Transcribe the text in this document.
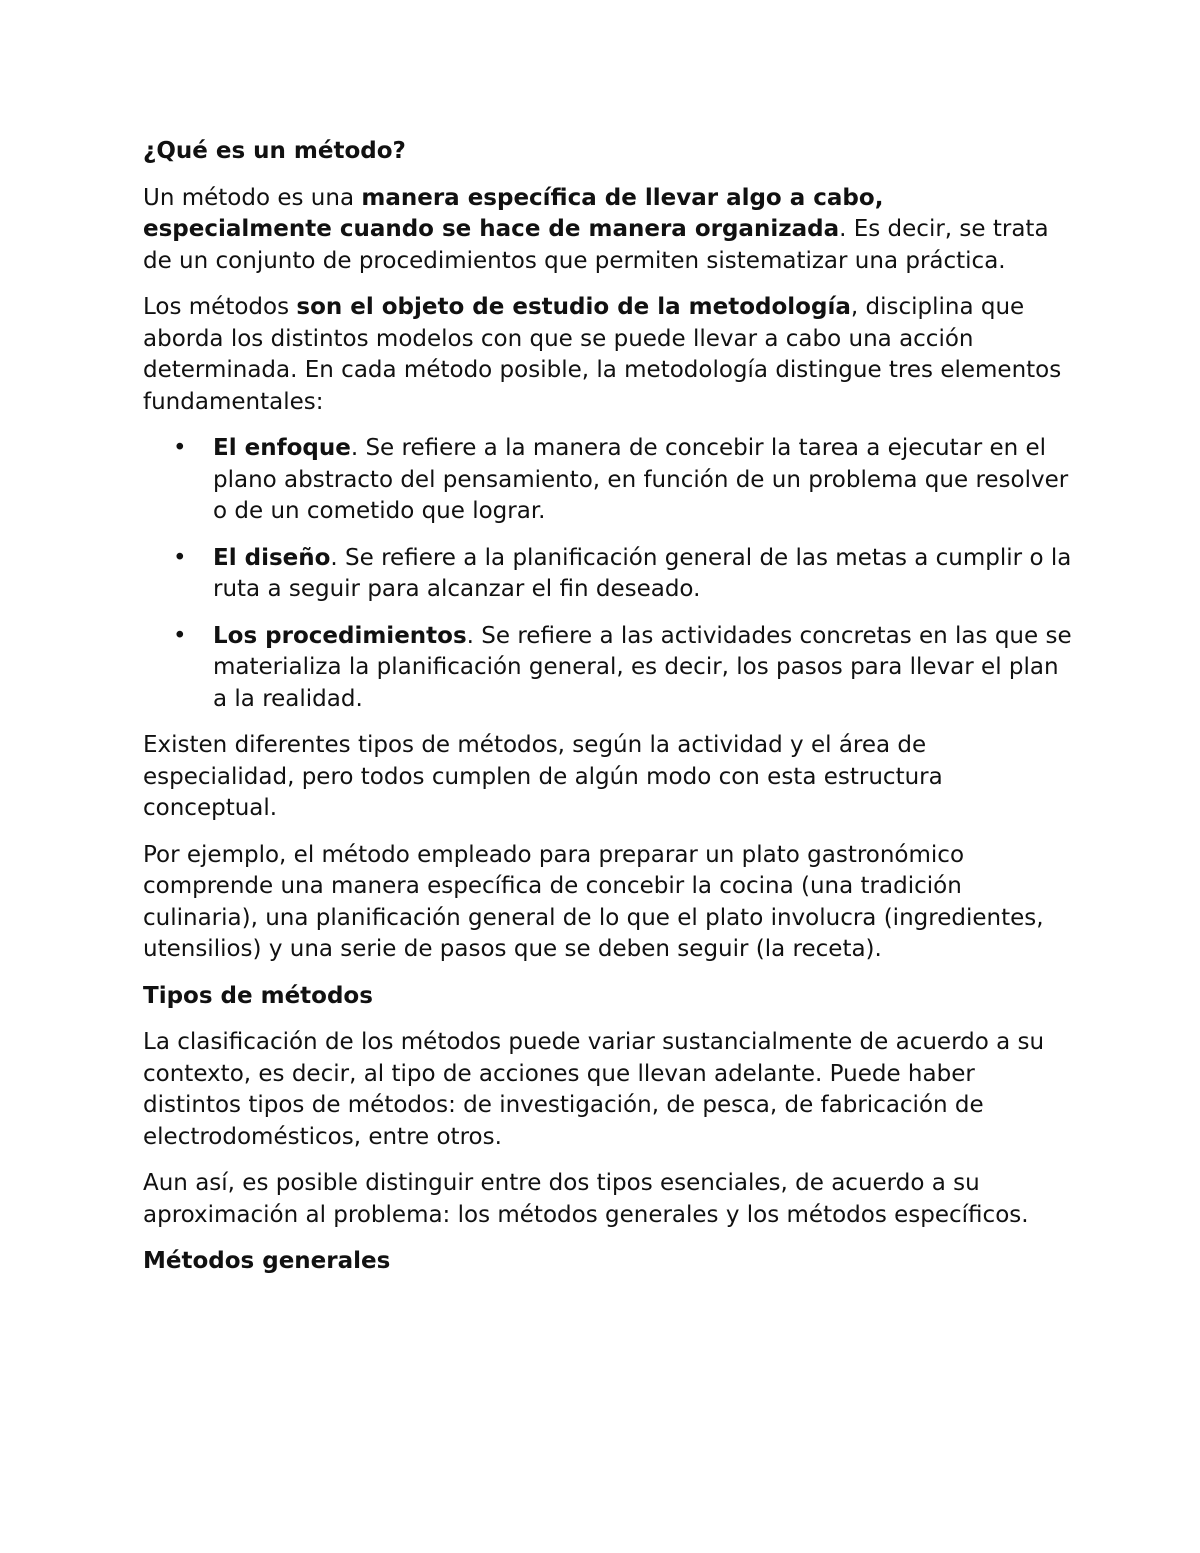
¿Qué es un método?

Un método es una manera específica de llevar algo a cabo, especialmente cuando se hace de manera organizada. Es decir, se trata de un conjunto de procedimientos que permiten sistematizar una práctica.

Los métodos son el objeto de estudio de la metodología, disciplina que aborda los distintos modelos con que se puede llevar a cabo una acción determinada. En cada método posible, la metodología distingue tres elementos fundamentales:

• El enfoque. Se refiere a la manera de concebir la tarea a ejecutar en el plano abstracto del pensamiento, en función de un problema que resolver o de un cometido que lograr.
• El diseño. Se refiere a la planificación general de las metas a cumplir o la ruta a seguir para alcanzar el fin deseado.
• Los procedimientos. Se refiere a las actividades concretas en las que se materializa la planificación general, es decir, los pasos para llevar el plan a la realidad.

Existen diferentes tipos de métodos, según la actividad y el área de especialidad, pero todos cumplen de algún modo con esta estructura conceptual.

Por ejemplo, el método empleado para preparar un plato gastronómico comprende una manera específica de concebir la cocina (una tradición culinaria), una planificación general de lo que el plato involucra (ingredientes, utensilios) y una serie de pasos que se deben seguir (la receta).

Tipos de métodos

La clasificación de los métodos puede variar sustancialmente de acuerdo a su contexto, es decir, al tipo de acciones que llevan adelante. Puede haber distintos tipos de métodos: de investigación, de pesca, de fabricación de electrodomésticos, entre otros.

Aun así, es posible distinguir entre dos tipos esenciales, de acuerdo a su aproximación al problema: los métodos generales y los métodos específicos.

Métodos generales
